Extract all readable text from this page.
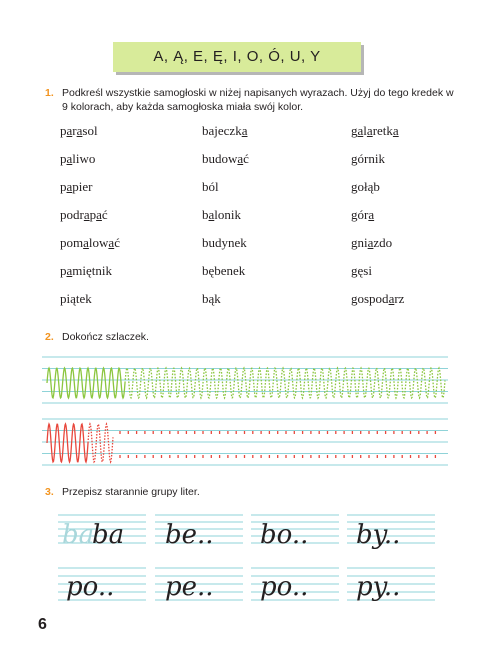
A, Ą, E, Ę, I, O, Ó, U, Y
1. Podkreśl wszystkie samogłoski w niżej napisanych wyrazach. Użyj do tego kredek w 9 kolorach, aby każda samogłoska miała swój kolor.
parasol
paliwo
papier
podrapać
pomalować
pamiętnik
piątek
bajeczka
budować
ból
balonik
budynek
bębenek
bąk
galaretka
górnik
gołąb
góra
gniazdo
gęsi
gospodarz
2. Dokończ szlaczek.
3. Przepisz starannie grupy liter.
ba
ba be.. bo.. by..
po.. pe.. po.. py..
6
